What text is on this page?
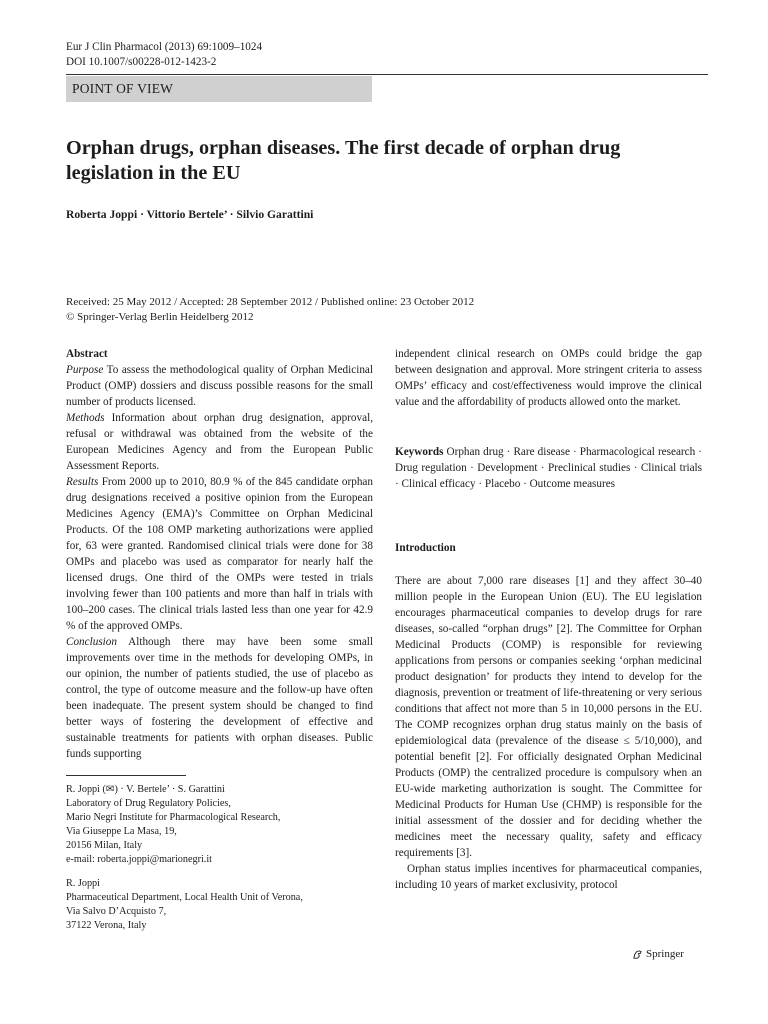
Eur J Clin Pharmacol (2013) 69:1009–1024
DOI 10.1007/s00228-012-1423-2
POINT OF VIEW
Orphan drugs, orphan diseases. The first decade of orphan drug legislation in the EU
Roberta Joppi · Vittorio Bertele’ · Silvio Garattini
Received: 25 May 2012 / Accepted: 28 September 2012 / Published online: 23 October 2012
© Springer-Verlag Berlin Heidelberg 2012
Abstract

Purpose To assess the methodological quality of Orphan Medicinal Product (OMP) dossiers and discuss possible reasons for the small number of products licensed.

Methods Information about orphan drug designation, approval, refusal or withdrawal was obtained from the website of the European Medicines Agency and from the European Public Assessment Reports.

Results From 2000 up to 2010, 80.9 % of the 845 candidate orphan drug designations received a positive opinion from the European Medicines Agency (EMA)’s Committee on Orphan Medicinal Products. Of the 108 OMP marketing authorizations were applied for, 63 were granted. Randomised clinical trials were done for 38 OMPs and placebo was used as comparator for nearly half the licensed drugs. One third of the OMPs were tested in trials involving fewer than 100 patients and more than half in trials with 100–200 cases. The clinical trials lasted less than one year for 42.9 % of the approved OMPs.

Conclusion Although there may have been some small improvements over time in the methods for developing OMPs, in our opinion, the number of patients studied, the use of placebo as control, the type of outcome measure and the follow-up have often been inadequate. The present system should be changed to find better ways of fostering the development of effective and sustainable treatments for patients with orphan diseases. Public funds supporting

R. Joppi (✉) · V. Bertele’ · S. Garattini

Laboratory of Drug Regulatory Policies,

Mario Negri Institute for Pharmacological Research,

Via Giuseppe La Masa, 19,

20156 Milan, Italy

e-mail: roberta.joppi@marionegri.it

R. Joppi

Pharmaceutical Department, Local Health Unit of Verona,

Via Salvo D’Acquisto 7,

37122 Verona, Italy

independent clinical research on OMPs could bridge the gap between designation and approval. More stringent criteria to assess OMPs’ efficacy and cost/effectiveness would improve the clinical value and the affordability of products allowed onto the market.

Keywords Orphan drug · Rare disease · Pharmacological research · Drug regulation · Development · Preclinical studies · Clinical trials · Clinical efficacy · Placebo · Outcome measures

Introduction

There are about 7,000 rare diseases [1] and they affect 30–40 million people in the European Union (EU). The EU legislation encourages pharmaceutical companies to develop drugs for rare diseases, so-called “orphan drugs” [2]. The Committee for Orphan Medicinal Products (COMP) is responsible for reviewing applications from persons or companies seeking ‘orphan medicinal product designation’ for products they intend to develop for the diagnosis, prevention or treatment of life-threatening or very serious conditions that affect not more than 5 in 10,000 persons in the EU. The COMP recognizes orphan drug status mainly on the basis of epidemiological data (prevalence of the disease ≤ 5/10,000), and potential benefit [2]. For officially designated Orphan Medicinal Products (OMP) the centralized procedure is compulsory when an EU-wide marketing authorization is sought. The Committee for Medicinal Products for Human Use (CHMP) is responsible for the initial assessment of the dossier and for deciding whether the medicines meet the necessary quality, safety and efficacy requirements [3].

Orphan status implies incentives for pharmaceutical companies, including 10 years of market exclusivity, protocol

Springer
